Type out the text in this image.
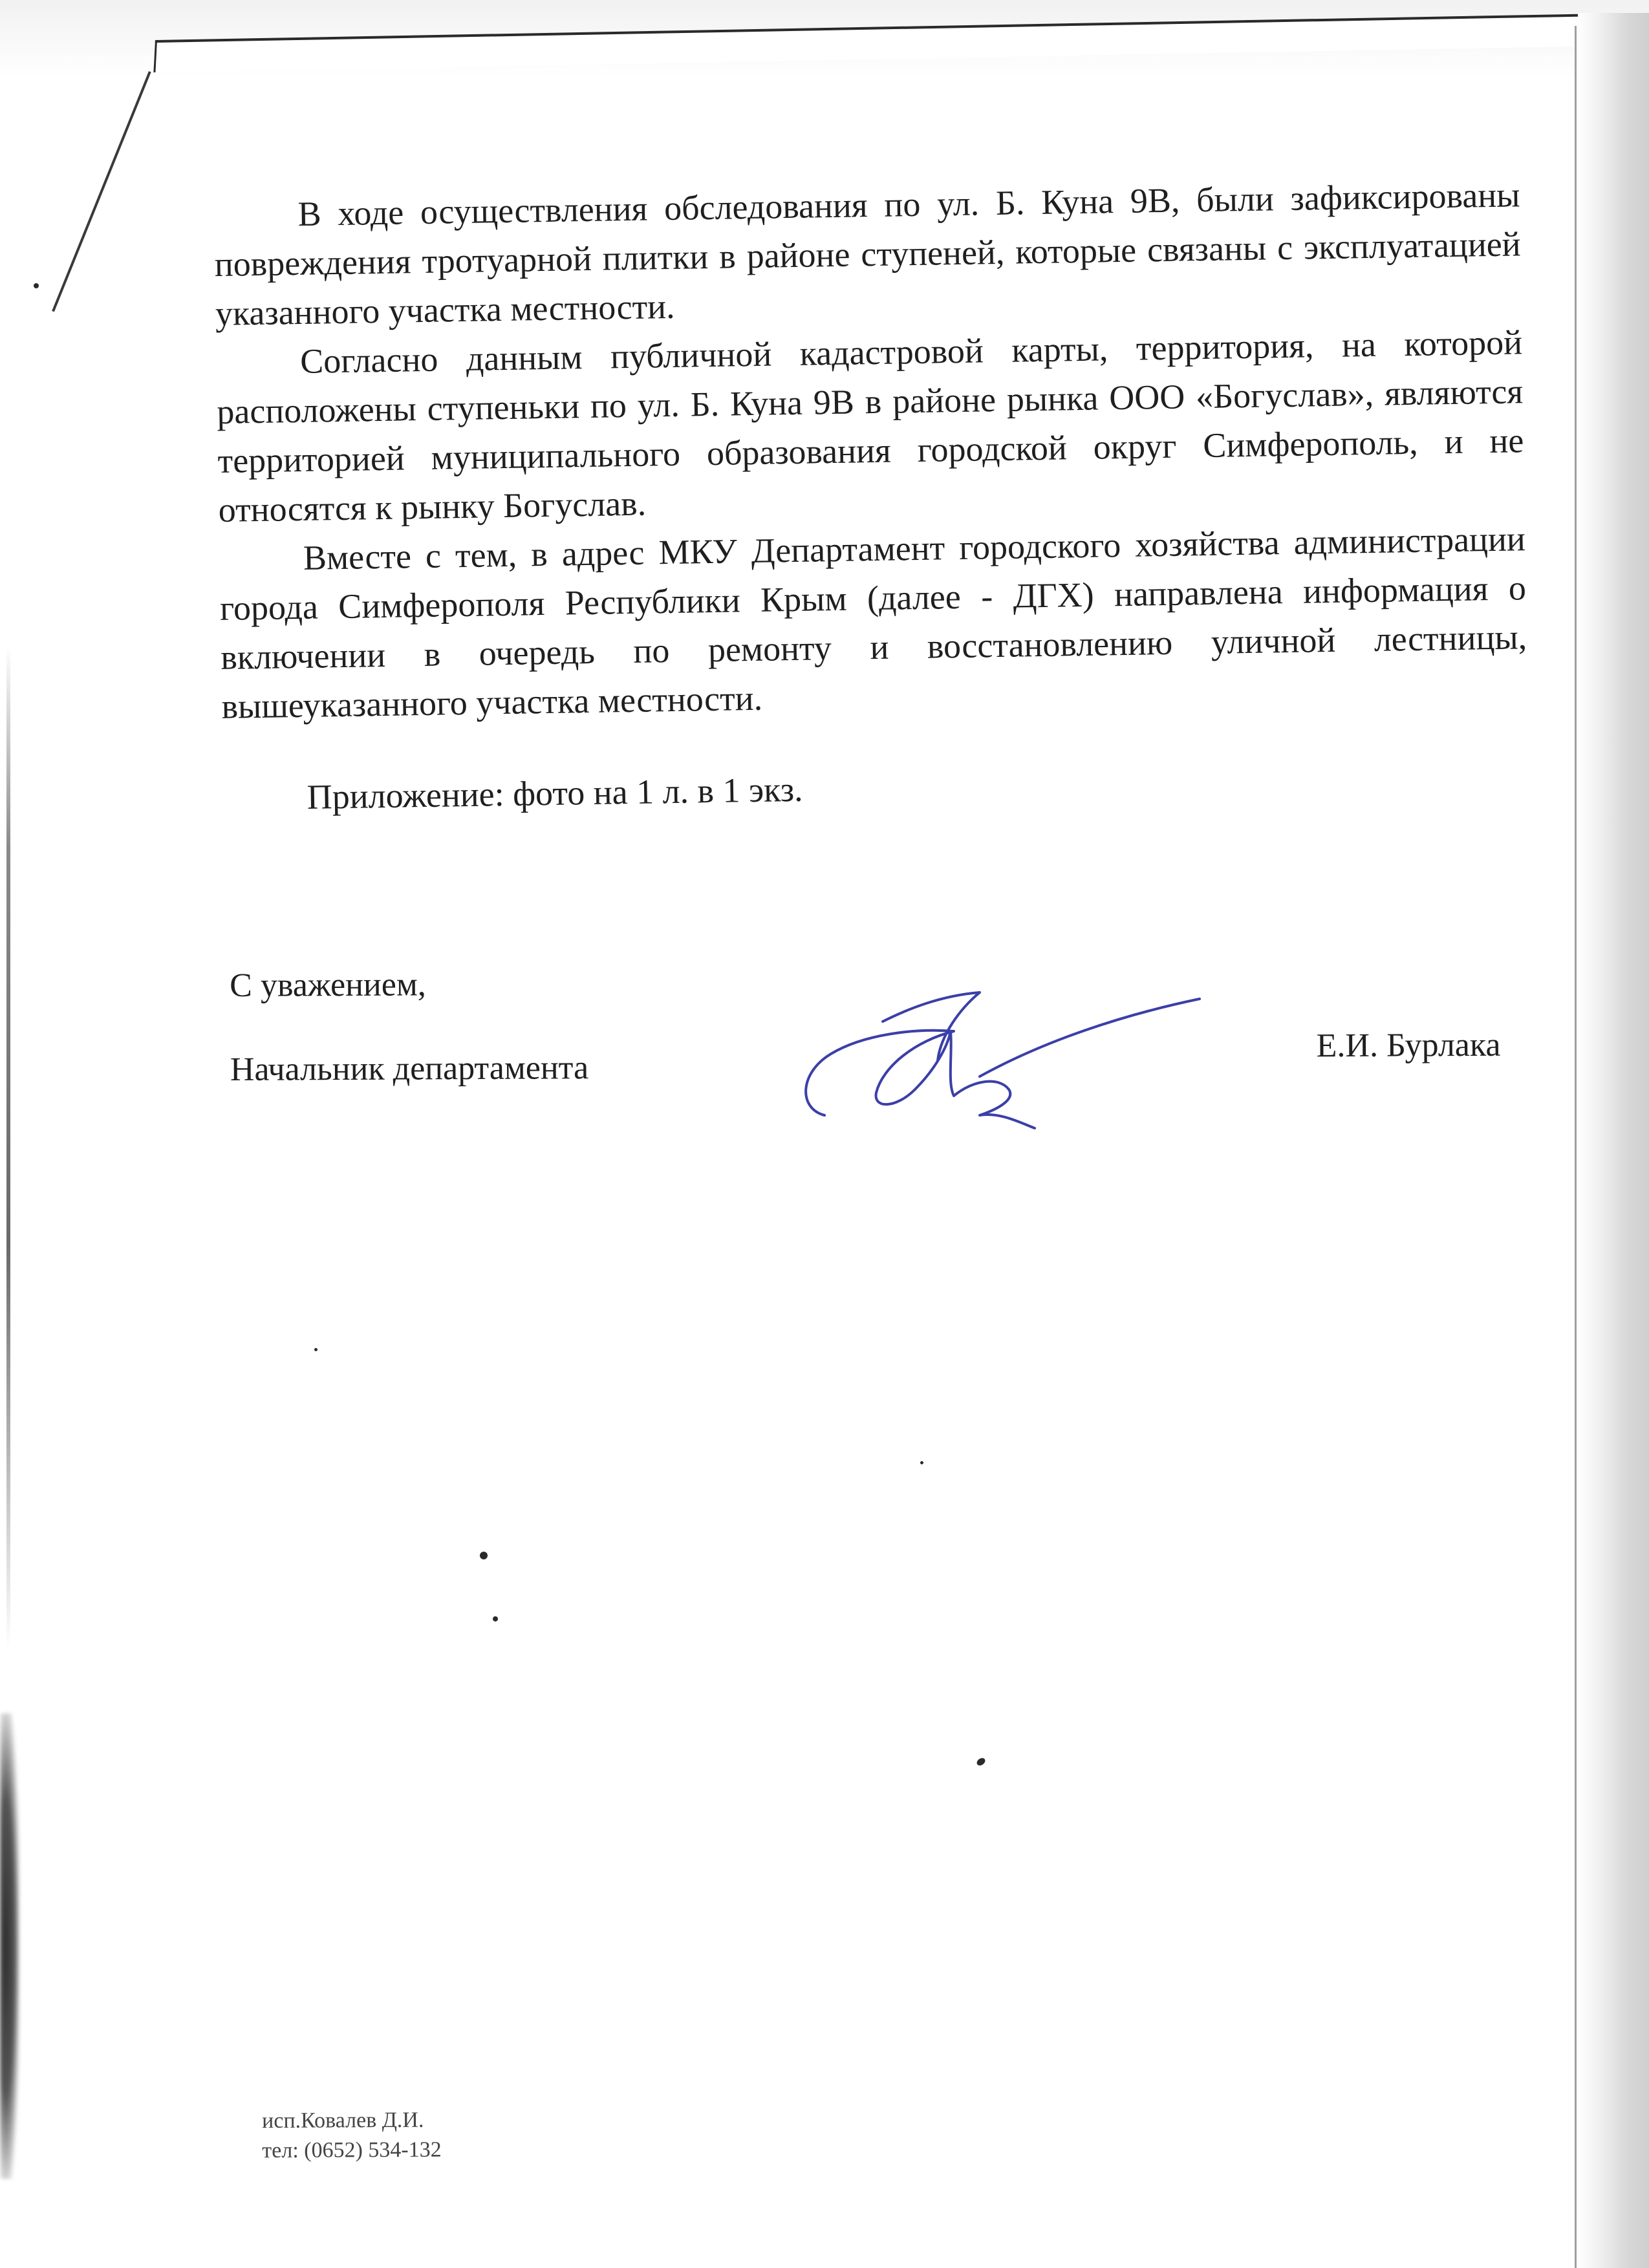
В ходе осуществления обследования по ул. Б. Куна 9В, были зафиксированы повреждения тротуарной плитки в районе ступеней, которые связаны с эксплуатацией указанного участка местности.

Согласно данным публичной кадастровой карты, территория, на которой расположены ступеньки по ул. Б. Куна 9В в районе рынка ООО «Богуслав», являются территорией муниципального образования городской округ Симферополь, и не относятся к рынку Богуслав.

Вместе с тем, в адрес МКУ Департамент городского хозяйства администрации города Симферополя Республики Крым (далее - ДГХ) направлена информация о включении в очередь по ремонту и восстановлению уличной лестницы, вышеуказанного участка местности.

Приложение: фото на 1 л. в 1 экз.

С уважением,
Начальник департамента
Е.И. Бурлака
исп.Ковалев Д.И.
тел: (0652) 534-132
